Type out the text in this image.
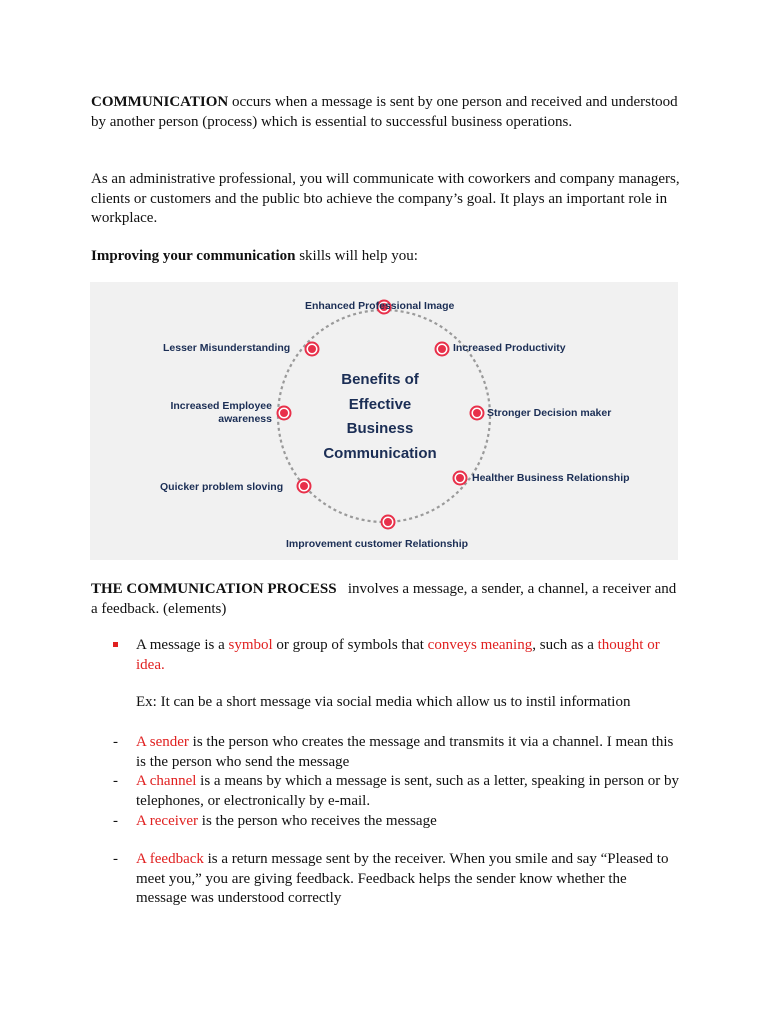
COMMUNICATION occurs when a message is sent by one person and received and understood by another person (process) which is essential to successful business operations.

As an administrative professional, you will communicate with coworkers and company managers, clients or customers and the public bto achieve the company’s goal. It plays an important role in workplace.

Improving your communication skills will help you:

Benefits of
Effective
Business
Communication
Enhanced Professional Image
Increased Productivity
Stronger Decision maker
Healther Business Relationship
Improvement customer Relationship
Quicker problem sloving
Increased Employee awareness
Lesser Misunderstanding

THE COMMUNICATION PROCESS   involves a message, a sender, a channel, a receiver and a feedback. (elements)

A message is a symbol or group of symbols that conveys meaning, such as a thought or idea.

Ex: It can be a short message via social media which allow us to instil information

-	A sender is the person who creates the message and transmits it via a channel. I mean this is the person who send the message

-	A channel is a means by which a message is sent, such as a letter, speaking in person or by telephones, or electronically by e-mail.

-	A receiver is the person who receives the message

-	A feedback is a return message sent by the receiver. When you smile and say “Pleased to meet you,” you are giving feedback. Feedback helps the sender know whether the message was understood correctly
